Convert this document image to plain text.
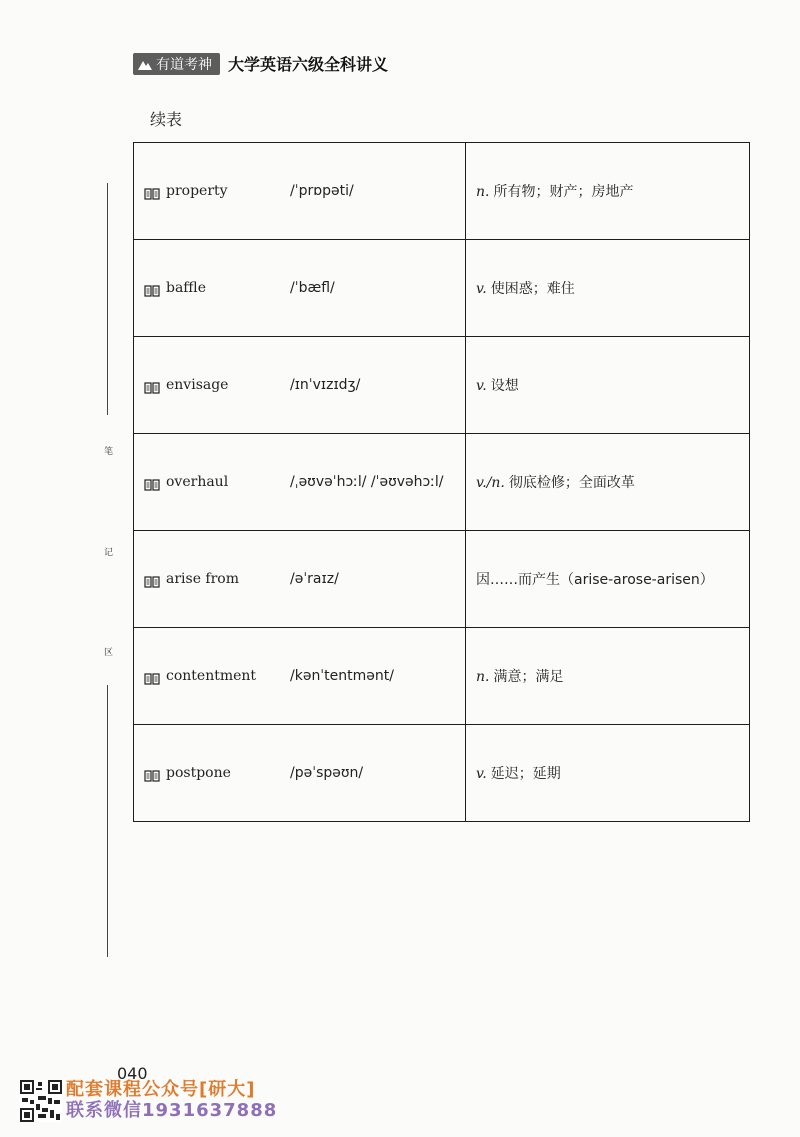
有道考神 大学英语六级全科讲义
续表
笔
记
区
property /ˈprɒpəti/	n. 所有物；财产；房地产

baffle /ˈbæfl/	v. 使困惑；难住

envisage /ɪnˈvɪzɪdʒ/	v. 设想

overhaul /ˌəʊvəˈhɔːl/ /ˈəʊvəhɔːl/	v./n. 彻底检修；全面改革

arise from /əˈraɪz/	因……而产生（arise-arose-arisen）

contentment /kənˈtentmənt/	n. 满意；满足

postpone /pəˈspəʊn/	v. 延迟；延期
040
配套课程公众号[研大]
联系微信1931637888
